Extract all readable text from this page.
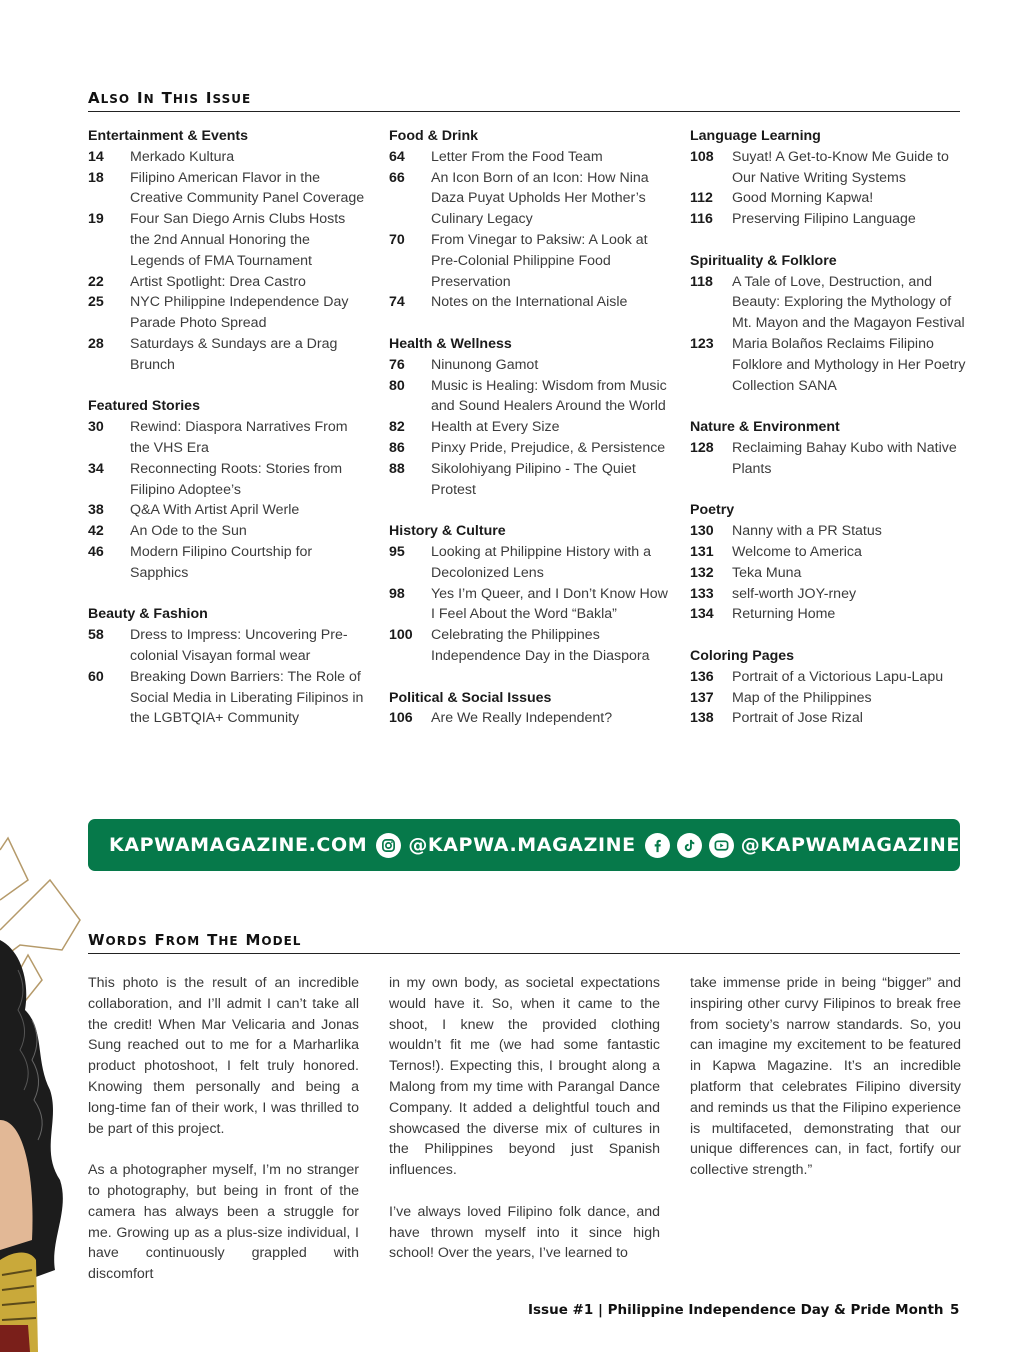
also in this issue
Entertainment & Events
14	Merkado Kultura
18	Filipino American Flavor in the Creative Community Panel Coverage
19	Four San Diego Arnis Clubs Hosts the 2nd Annual Honoring the Legends of FMA Tournament
22	Artist Spotlight: Drea Castro
25	NYC Philippine Independence Day Parade Photo Spread
28	Saturdays & Sundays are a Drag Brunch
Featured Stories
30	Rewind: Diaspora Narratives From the VHS Era
34	Reconnecting Roots: Stories from Filipino Adoptee’s
38	Q&A With Artist April Werle
42	An Ode to the Sun
46	Modern Filipino Courtship for Sapphics
Beauty & Fashion
58	Dress to Impress: Uncovering Pre-colonial Visayan formal wear
60	Breaking Down Barriers: The Role of Social Media in Liberating Filipinos in the LGBTQIA+ Community
Food & Drink
64	Letter From the Food Team
66	An Icon Born of an Icon: How Nina Daza Puyat Upholds Her Mother’s Culinary Legacy
70	From Vinegar to Paksiw: A Look at Pre-Colonial Philippine Food Preservation
74	Notes on the International Aisle
Health & Wellness
76	Ninunong Gamot
80	Music is Healing: Wisdom from Music and Sound Healers Around the World
82	Health at Every Size
86	Pinxy Pride, Prejudice, & Persistence
88	Sikolohiyang Pilipino - The Quiet Protest
History & Culture
95	Looking at Philippine History with a Decolonized Lens
98	Yes I’m Queer, and I Don’t Know How I Feel About the Word “Bakla”
100	Celebrating the Philippines Independence Day in the Diaspora
Political & Social Issues
106	Are We Really Independent?
Language Learning
108	Suyat! A Get-to-Know Me Guide to Our Native Writing Systems
112	Good Morning Kapwa!
116	Preserving Filipino Language
Spirituality & Folklore
118	A Tale of Love, Destruction, and Beauty: Exploring the Mythology of Mt. Mayon and the Magayon Festival
123	Maria Bolaños Reclaims Filipino Folklore and Mythology in Her Poetry Collection SANA
Nature & Environment
128	Reclaiming Bahay Kubo with Native Plants
Poetry
130	Nanny with a PR Status
131	Welcome to America
132	Teka Muna
133	self-worth JOY-rney
134	Returning Home
Coloring Pages
136	Portrait of a Victorious Lapu-Lapu
137	Map of the Philippines
138	Portrait of Jose Rizal
KAPWAMAGAZINE.COM @KAPWA.MAGAZINE	@KAPWAMAGAZINE
words from the model

This photo is the result of an incredible collaboration, and I’ll admit I can’t take all the credit! When Mar Velicaria and Jonas Sung reached out to me for a Marharlika product photoshoot, I felt truly honored. Knowing them personally and being a long-time fan of their work, I was thrilled to be part of this project.

As a photographer myself, I’m no stranger to photography, but being in front of the camera has always been a struggle for me. Growing up as a plus-size individual, I have continuously grappled with discomfort

in my own body, as societal expectations would have it. So, when it came to the shoot, I knew the provided clothing wouldn’t fit me (we had some fantastic Ternos!). Expecting this, I brought along a Malong from my time with Parangal Dance Company. It added a delightful touch and showcased the diverse mix of cultures in the Philippines beyond just Spanish influences.

I’ve always loved Filipino folk dance, and have thrown myself into it since high school! Over the years, I’ve learned to

take immense pride in being “bigger” and inspiring other curvy Filipinos to break free from society’s narrow standards. So, you can imagine my excitement to be featured in Kapwa Magazine. It’s an incredible platform that celebrates Filipino diversity and reminds us that the Filipino experience is multifaceted, demonstrating that our unique differences can, in fact, fortify our collective strength.”

Issue #1 | Philippine Independence Day & Pride Month 5
